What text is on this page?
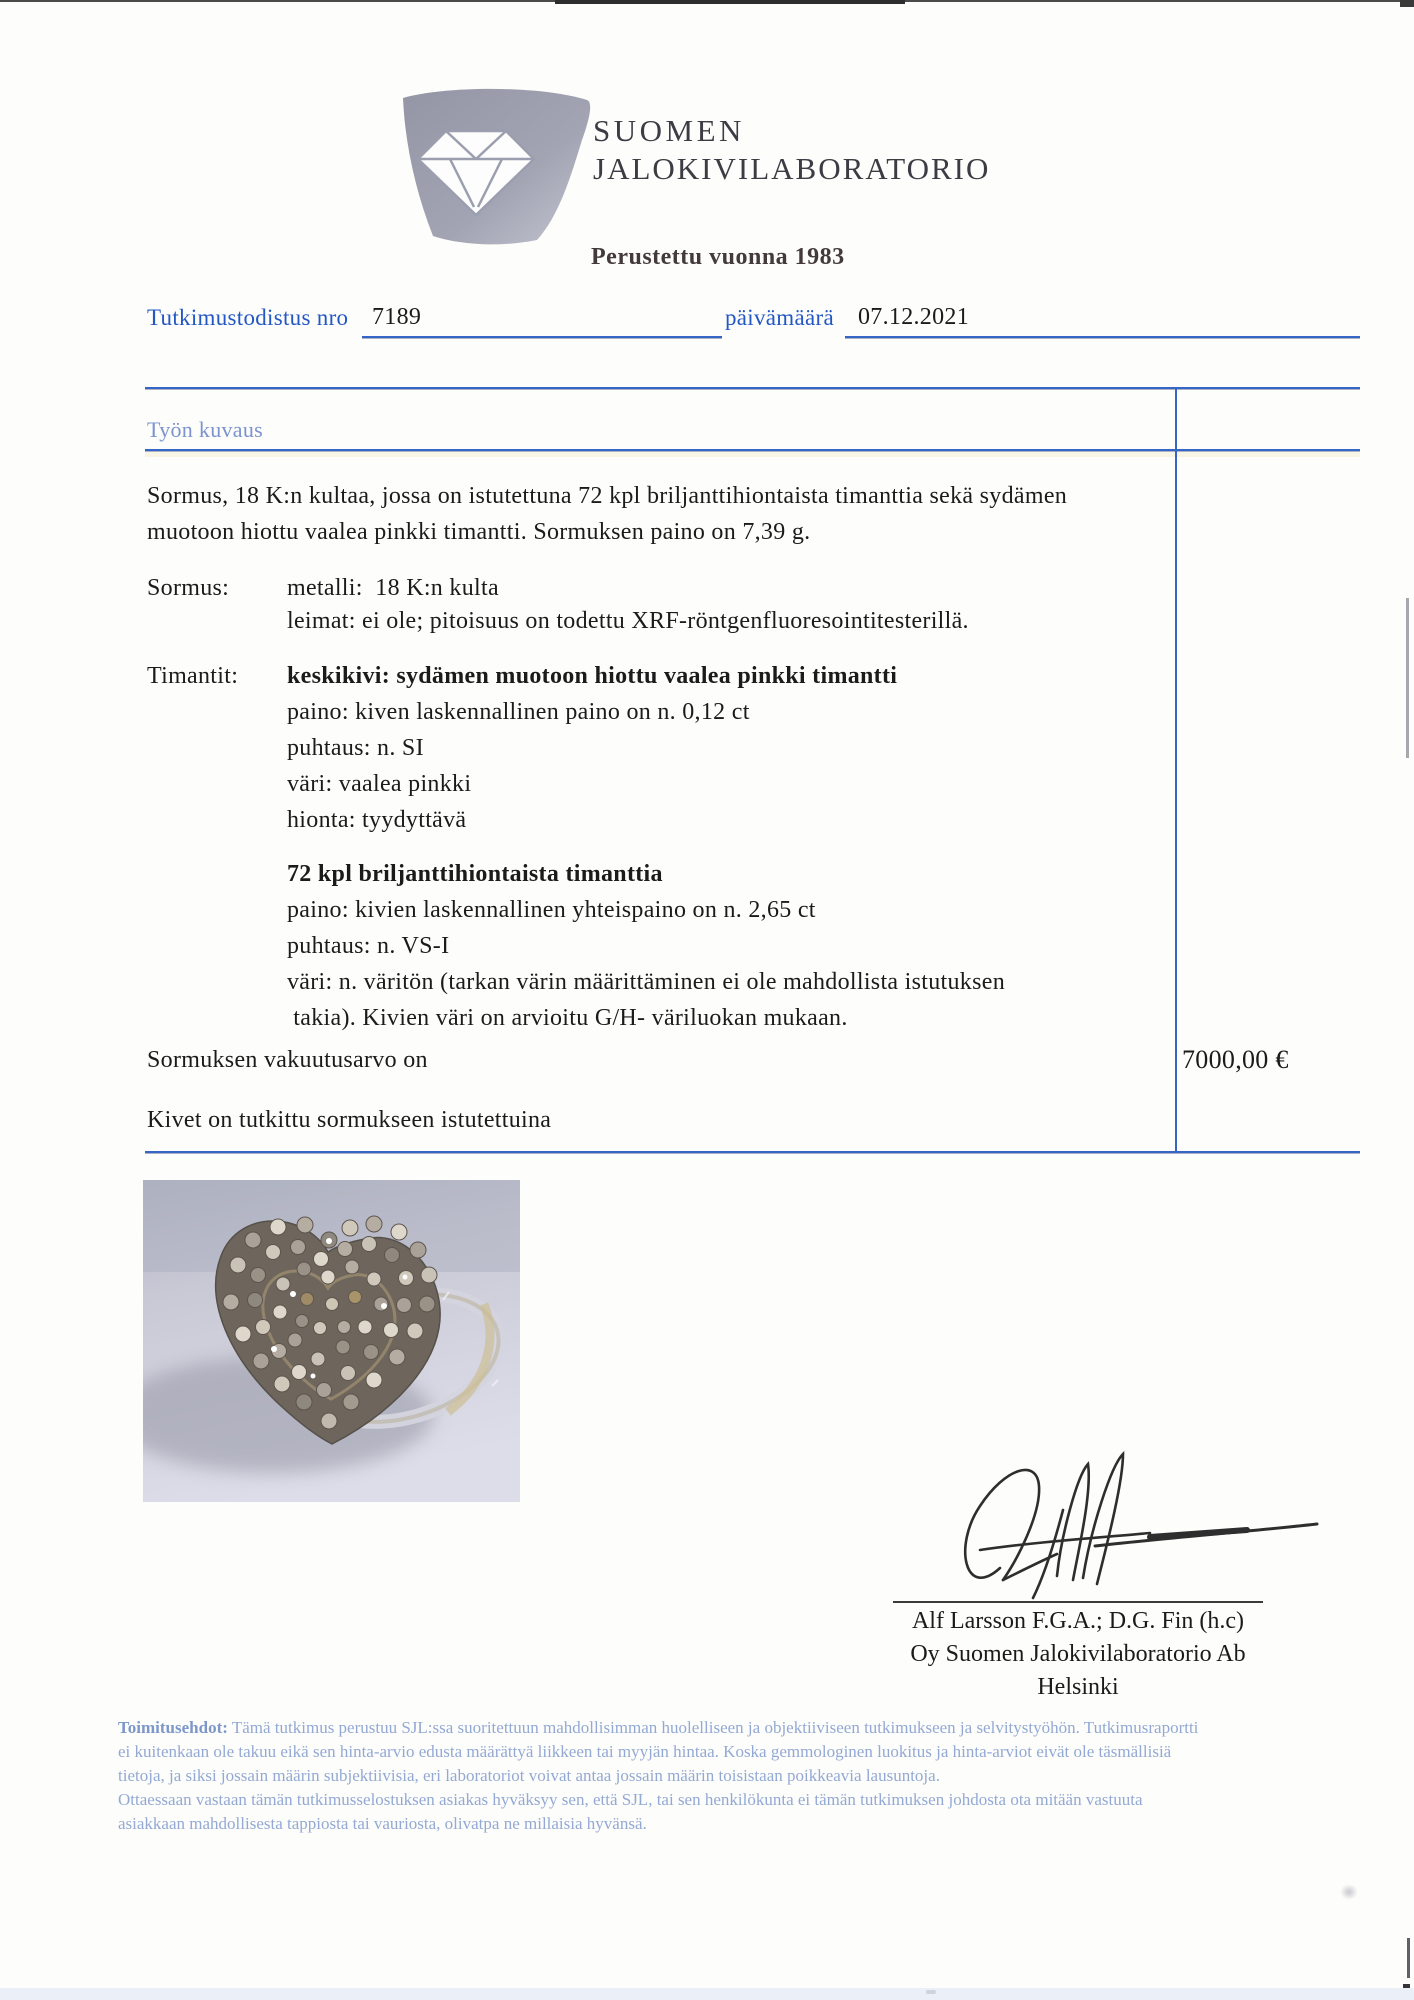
SUOMEN
JALOKIVILABORATORIO
Perustettu vuonna 1983
Tutkimustodistus nro 7189	päivämäärä 07.12.2021
Työn kuvaus
Sormus, 18 K:n kultaa, jossa on istutettuna 72 kpl briljanttihiontaista timanttia sekä sydämen
muotoon hiottu vaalea pinkki timantti. Sormuksen paino on 7,39 g.
Sormus: metalli:  18 K:n kulta
leimat: ei ole; pitoisuus on todettu XRF-röntgenfluoresointitesterillä.
Timantit: keskikivi: sydämen muotoon hiottu vaalea pinkki timantti
paino: kiven laskennallinen paino on n. 0,12 ct
puhtaus: n. SI
väri: vaalea pinkki
hionta: tyydyttävä
72 kpl briljanttihiontaista timanttia
paino: kivien laskennallinen yhteispaino on n. 2,65 ct
puhtaus: n. VS-I
väri: n. väritön (tarkan värin määrittäminen ei ole mahdollista istutuksen
takia). Kivien väri on arvioitu G/H- väriluokan mukaan.
Sormuksen vakuutusarvo on	7000,00 €
Kivet on tutkittu sormukseen istutettuina
Alf Larsson F.G.A.; D.G. Fin (h.c)
Oy Suomen Jalokivilaboratorio Ab
Helsinki
Toimitusehdot: Tämä tutkimus perustuu SJL:ssa suoritettuun mahdollisimman huolelliseen ja objektiiviseen tutkimukseen ja selvitystyöhön. Tutkimusraportti
ei kuitenkaan ole takuu eikä sen hinta-arvio edusta määrättyä liikkeen tai myyjän hintaa. Koska gemmologinen luokitus ja hinta-arviot eivät ole täsmällisiä
tietoja, ja siksi jossain määrin subjektiivisia, eri laboratoriot voivat antaa jossain määrin toisistaan poikkeavia lausuntoja.
Ottaessaan vastaan tämän tutkimusselostuksen asiakas hyväksyy sen, että SJL, tai sen henkilökunta ei tämän tutkimuksen johdosta ota mitään vastuuta
asiakkaan mahdollisesta tappiosta tai vauriosta, olivatpa ne millaisia hyvänsä.
